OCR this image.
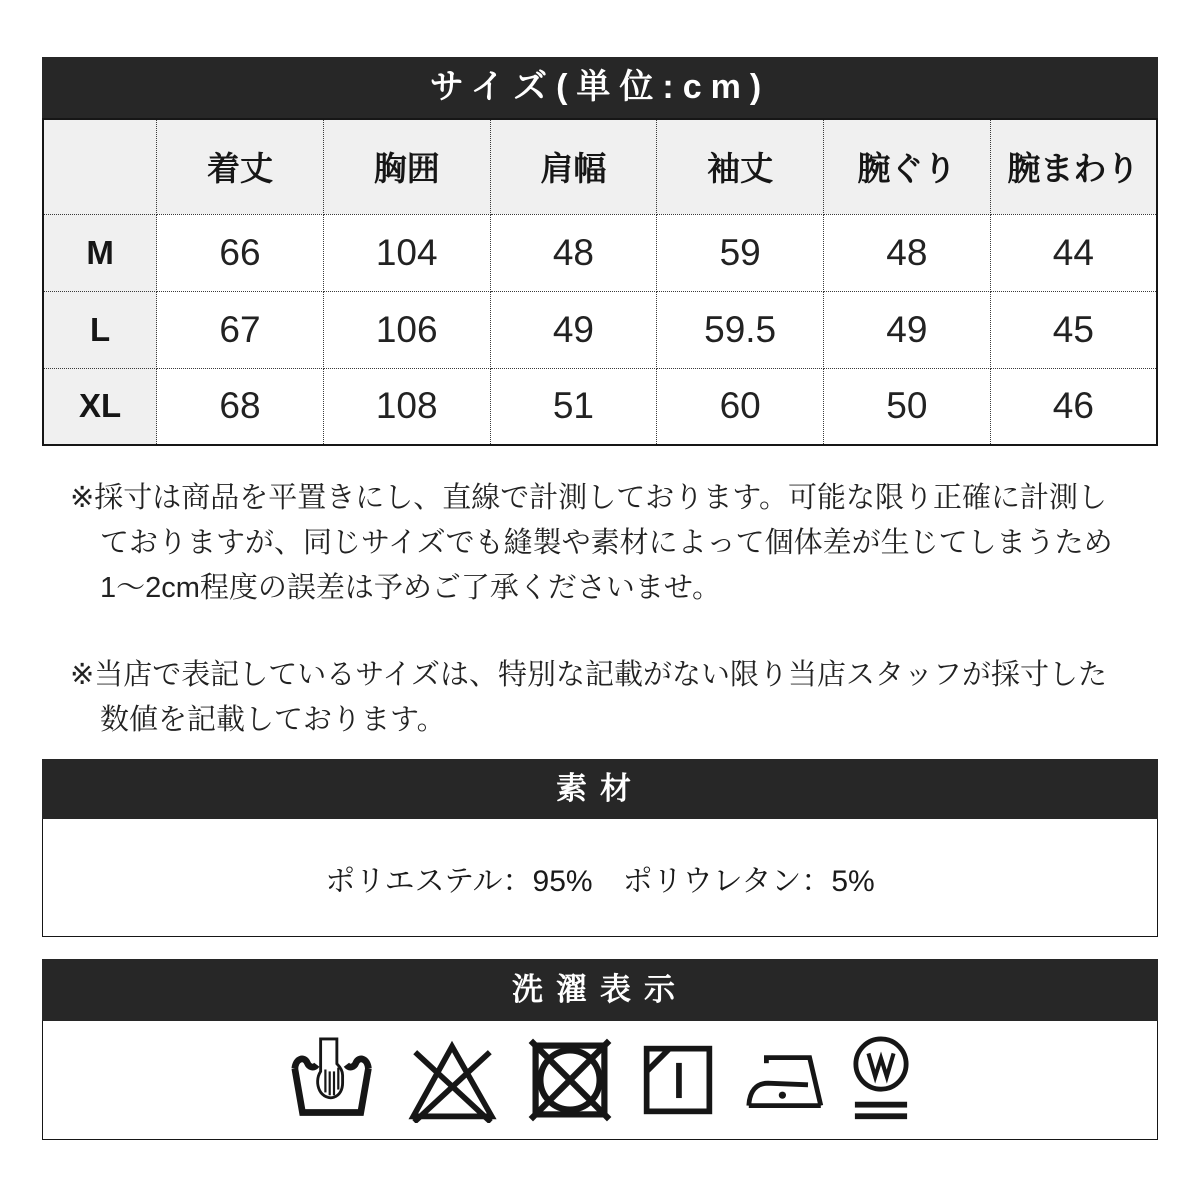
サイズ(単位:cm)
	着丈	胸囲	肩幅	袖丈	腕ぐり	腕まわり
M	66	104	48	59	48	44
L	67	106	49	59.5	49	45
XL	68	108	51	60	50	46

※採寸は商品を平置きにし、直線で計測しております。可能な限り正確に計測し
ておりますが、同じサイズでも縫製や素材によって個体差が生じてしまうため
1〜2cm程度の誤差は予めご了承くださいませ。

※当店で表記しているサイズは、特別な記載がない限り当店スタッフが採寸した
数値を記載しております。

素材
ポリエステル：95%　ポリウレタン：5%
洗濯表示
